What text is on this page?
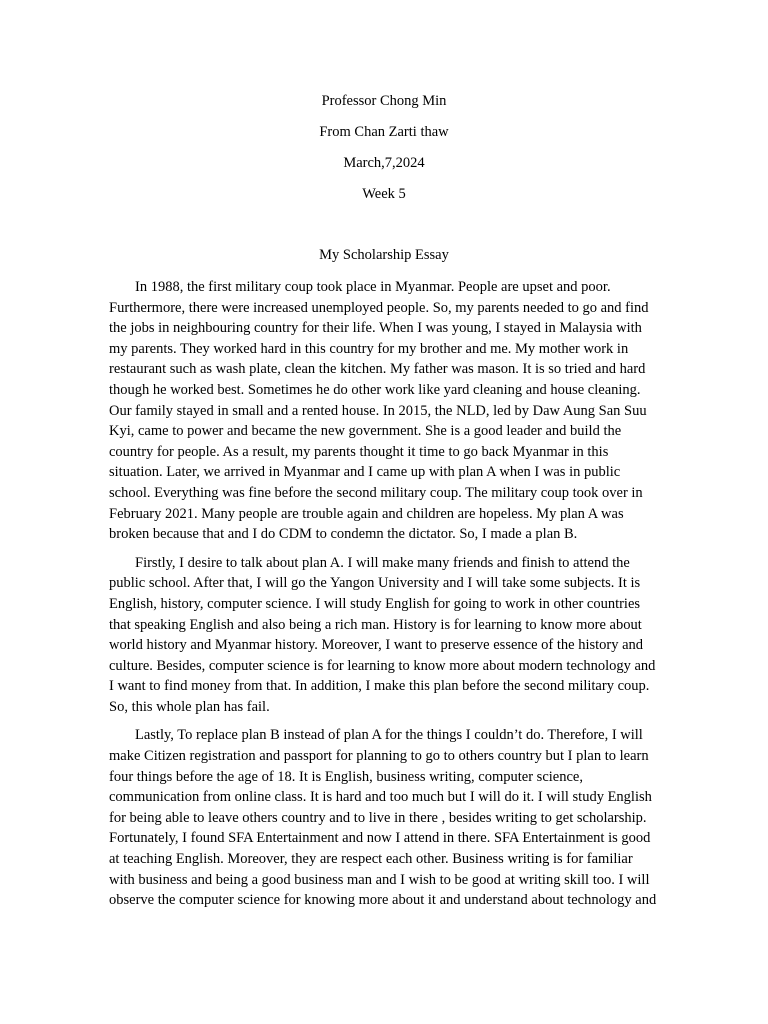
Professor Chong Min
From Chan Zarti thaw
March,7,2024
Week 5
My Scholarship Essay
In 1988, the first military coup took place in Myanmar. People are upset and poor.
Furthermore, there were increased unemployed people. So, my parents needed to go and find
the jobs in neighbouring country for their life. When I was young, I stayed in Malaysia with
my parents. They worked hard in this country for my brother and me. My mother work in
restaurant such as wash plate, clean the kitchen. My father was mason. It is so tried and hard
though he worked best. Sometimes he do other work like yard cleaning and house cleaning.
Our family stayed in small and a rented house. In 2015, the NLD, led by Daw Aung San Suu
Kyi, came to power and became the new government. She is a good leader and build the
country for people. As a result, my parents thought it time to go back Myanmar in this
situation. Later, we arrived in Myanmar and I came up with plan A when I was in public
school. Everything was fine before the second military coup. The military coup took over in
February 2021. Many people are trouble again and children are hopeless. My plan A was
broken because that and I do CDM to condemn the dictator. So, I made a plan B.
Firstly, I desire to talk about plan A. I will make many friends and finish to attend the
public school. After that, I will go the Yangon University and I will take some subjects. It is
English, history, computer science. I will study English for going to work in other countries
that speaking English and also being a rich man. History is for learning to know more about
world history and Myanmar history. Moreover, I want to preserve essence of the history and
culture. Besides, computer science is for learning to know more about modern technology and
I want to find money from that. In addition, I make this plan before the second military coup.
So, this whole plan has fail.
Lastly, To replace plan B instead of plan A for the things I couldn’t do. Therefore, I will
make Citizen registration and passport for planning to go to others country but I plan to learn
four things before the age of 18. It is English, business writing, computer science,
communication from online class. It is hard and too much but I will do it. I will study English
for being able to leave others country and to live in there , besides writing to get scholarship.
Fortunately, I found SFA Entertainment and now I attend in there. SFA Entertainment is good
at teaching English. Moreover, they are respect each other. Business writing is for familiar
with business and being a good business man and I wish to be good at writing skill too. I will
observe the computer science for knowing more about it and understand about technology and
